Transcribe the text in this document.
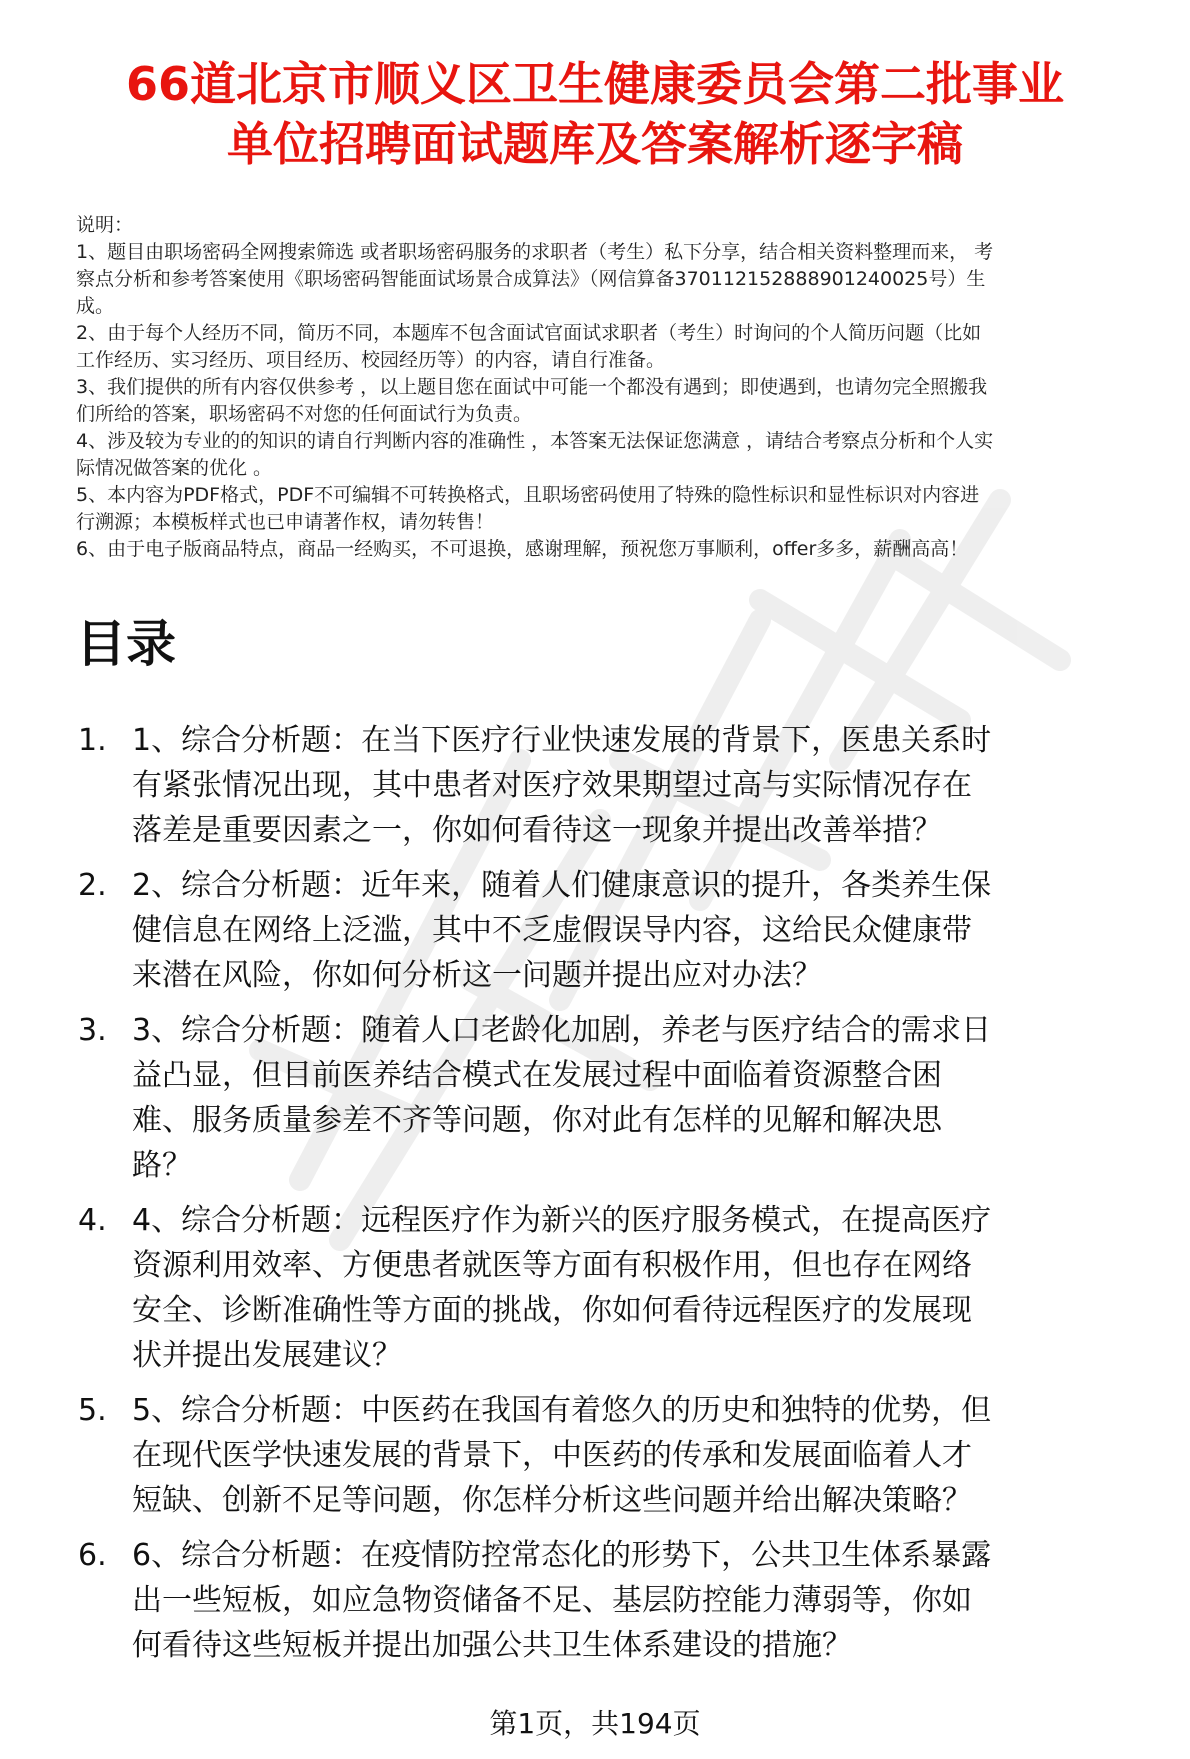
66道北京市顺义区卫生健康委员会第二批事业
单位招聘面试题库及答案解析逐字稿
说明：
1、题目由职场密码全网搜索筛选 或者职场密码服务的求职者（考生）私下分享，结合相关资料整理而来， 考
察点分析和参考答案使用《职场密码智能面试场景合成算法》（网信算备370112152888901240025号）生
成。
2、由于每个人经历不同，简历不同，本题库不包含面试官面试求职者（考生）时询问的个人简历问题（比如
工作经历、实习经历、项目经历、校园经历等）的内容，请自行准备。
3、我们提供的所有内容仅供参考 ，以上题目您在面试中可能一个都没有遇到；即使遇到，也请勿完全照搬我
们所给的答案，职场密码不对您的任何面试行为负责。
4、涉及较为专业的的知识的请自行判断内容的准确性 ，本答案无法保证您满意 ，请结合考察点分析和个人实
际情况做答案的优化 。
5、本内容为PDF格式，PDF不可编辑不可转换格式，且职场密码使用了特殊的隐性标识和显性标识对内容进
行溯源；本模板样式也已申请著作权，请勿转售！
6、由于电子版商品特点，商品一经购买，不可退换，感谢理解，预祝您万事顺利，offer多多，薪酬高高！
目录
1. 1、综合分析题：在当下医疗行业快速发展的背景下，医患关系时
有紧张情况出现，其中患者对医疗效果期望过高与实际情况存在
落差是重要因素之一，你如何看待这一现象并提出改善举措？
2. 2、综合分析题：近年来，随着人们健康意识的提升，各类养生保
健信息在网络上泛滥，其中不乏虚假误导内容，这给民众健康带
来潜在风险，你如何分析这一问题并提出应对办法？
3. 3、综合分析题：随着人口老龄化加剧，养老与医疗结合的需求日
益凸显，但目前医养结合模式在发展过程中面临着资源整合困
难、服务质量参差不齐等问题，你对此有怎样的见解和解决思
路？
4. 4、综合分析题：远程医疗作为新兴的医疗服务模式，在提高医疗
资源利用效率、方便患者就医等方面有积极作用，但也存在网络
安全、诊断准确性等方面的挑战，你如何看待远程医疗的发展现
状并提出发展建议？
5. 5、综合分析题：中医药在我国有着悠久的历史和独特的优势，但
在现代医学快速发展的背景下，中医药的传承和发展面临着人才
短缺、创新不足等问题，你怎样分析这些问题并给出解决策略？
6. 6、综合分析题：在疫情防控常态化的形势下，公共卫生体系暴露
出一些短板，如应急物资储备不足、基层防控能力薄弱等，你如
何看待这些短板并提出加强公共卫生体系建设的措施？
第1页，共194页
